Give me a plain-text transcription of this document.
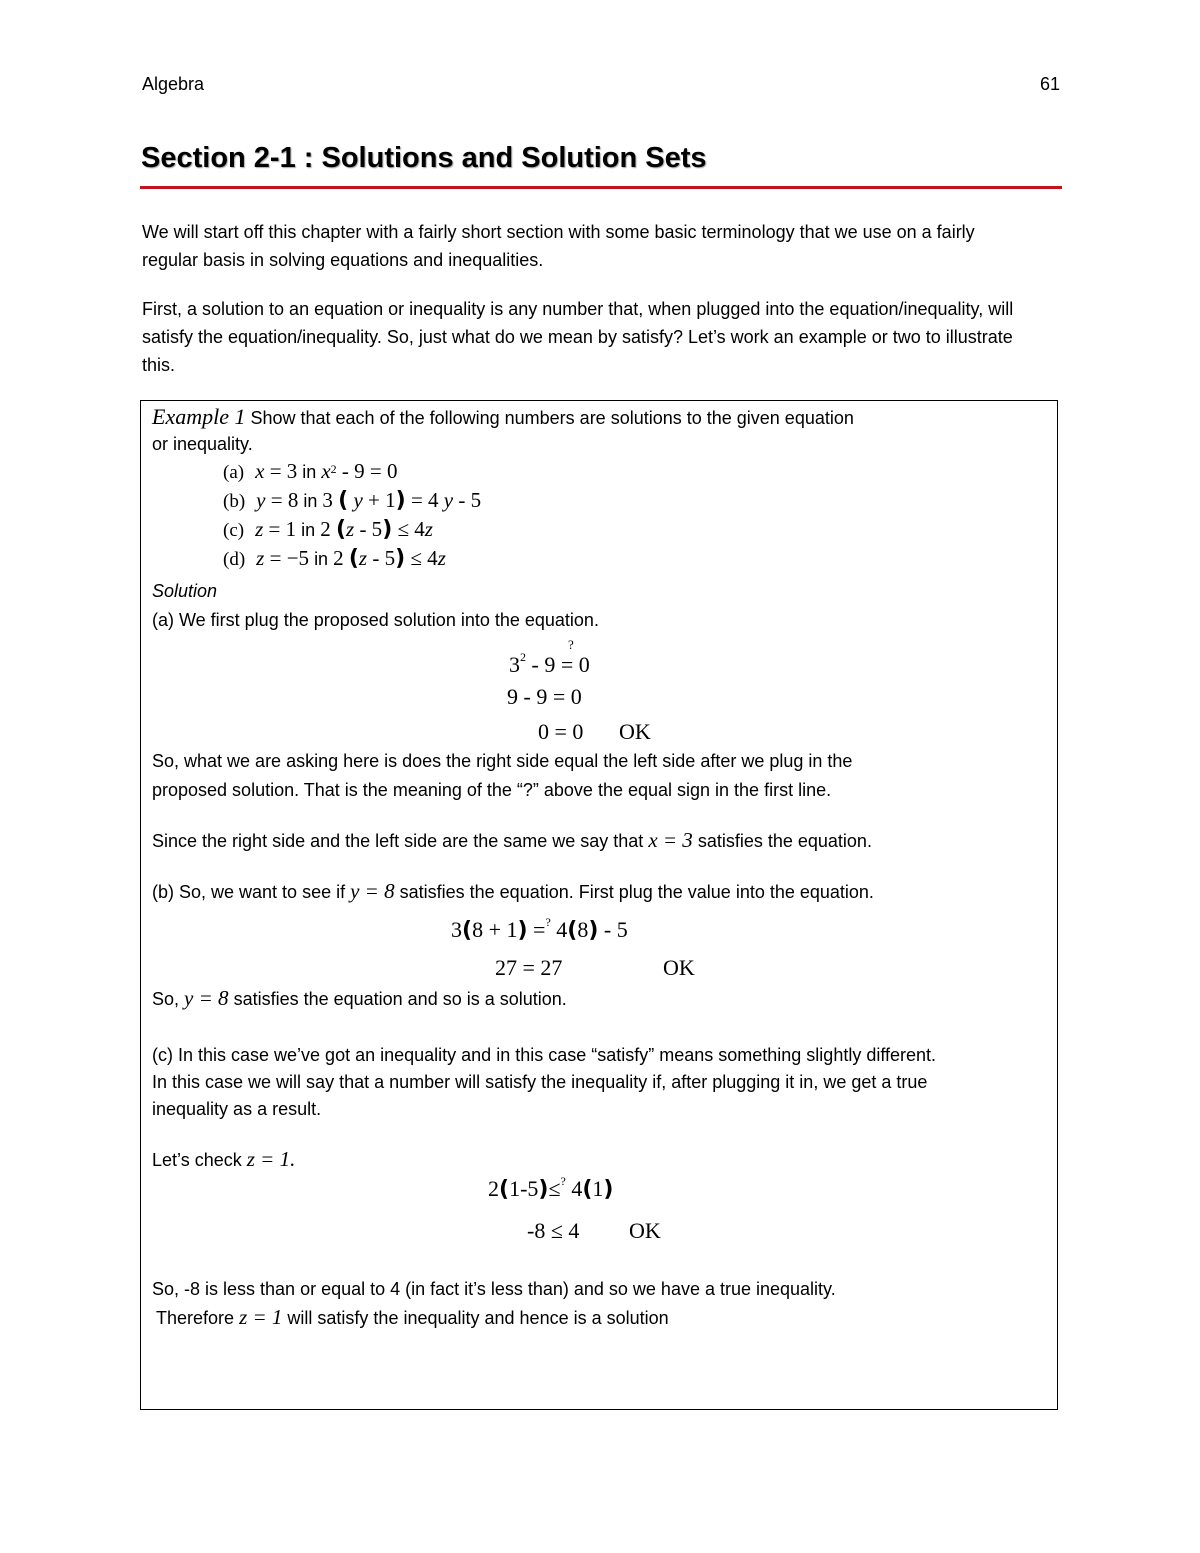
Algebra	61
Section 2-1 : Solutions and Solution Sets
We will start off this chapter with a fairly short section with some basic terminology that we use on a fairly regular basis in solving equations and inequalities.
First, a solution to an equation or inequality is any number that, when plugged into the equation/inequality, will satisfy the equation/inequality. So, just what do we mean by satisfy? Let’s work an example or two to illustrate this.
Example 1 Show that each of the following numbers are solutions to the given equation
or inequality.
(a) x = 3 in $x^2 - 9 = 0$
(b) y = 8 in 3 ( y + 1) = 4 y - 5
(c) z = 1 in 2 (z - 5) ≤ 4z
(d) z = −5 in 2 (z - 5) ≤ 4z
Solution
(a) We first plug the proposed solution into the equation.
?
$3^2 - 9 = 0$
9 - 9 = 0
0 = 0 OK
So, what we are asking here is does the right side equal the left side after we plug in the
proposed solution. That is the meaning of the “?” above the equal sign in the first line.
Since the right side and the left side are the same we say that x = 3 satisfies the equation.
(b) So, we want to see if y = 8 satisfies the equation. First plug the value into the equation.
3(8 + 1) =? 4(8) - 5
27 = 27	OK
So, y = 8 satisfies the equation and so is a solution.
(c) In this case we’ve got an inequality and in this case “satisfy” means something slightly different.
In this case we will say that a number will satisfy the inequality if, after plugging it in, we get a true
inequality as a result.
Let’s check z = 1.
2(1-5)≤? 4(1)
-8 ≤ 4 OK
So, -8 is less than or equal to 4 (in fact it’s less than) and so we have a true inequality.
Therefore z = 1 will satisfy the inequality and hence is a solution
